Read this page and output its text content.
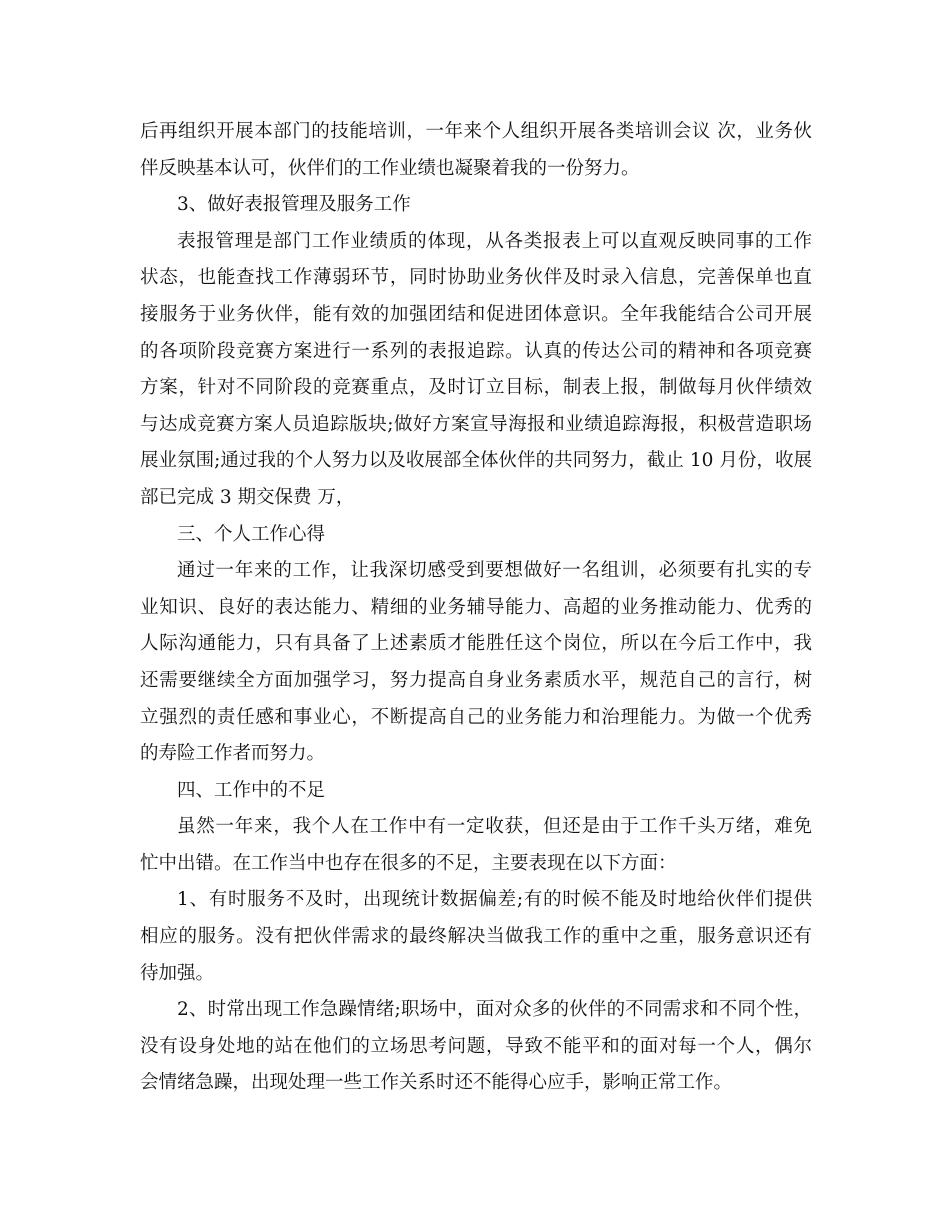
后再组织开展本部门的技能培训，一年来个人组织开展各类培训会议 次，业务伙
伴反映基本认可，伙伴们的工作业绩也凝聚着我的一份努力。

3、做好表报管理及服务工作

表报管理是部门工作业绩质的体现，从各类报表上可以直观反映同事的工作
状态，也能查找工作薄弱环节，同时协助业务伙伴及时录入信息，完善保单也直
接服务于业务伙伴，能有效的加强团结和促进团体意识。全年我能结合公司开展
的各项阶段竞赛方案进行一系列的表报追踪。认真的传达公司的精神和各项竞赛
方案，针对不同阶段的竞赛重点，及时订立目标，制表上报，制做每月伙伴绩效
与达成竞赛方案人员追踪版块;做好方案宣导海报和业绩追踪海报，积极营造职场
展业氛围;通过我的个人努力以及收展部全体伙伴的共同努力，截止 10 月份，收展
部已完成 3 期交保费 万，

三、个人工作心得

通过一年来的工作，让我深切感受到要想做好一名组训，必须要有扎实的专
业知识、良好的表达能力、精细的业务辅导能力、高超的业务推动能力、优秀的
人际沟通能力，只有具备了上述素质才能胜任这个岗位，所以在今后工作中，我
还需要继续全方面加强学习，努力提高自身业务素质水平，规范自己的言行，树
立强烈的责任感和事业心，不断提高自己的业务能力和治理能力。为做一个优秀
的寿险工作者而努力。

四、工作中的不足

虽然一年来，我个人在工作中有一定收获，但还是由于工作千头万绪，难免
忙中出错。在工作当中也存在很多的不足，主要表现在以下方面：

1、有时服务不及时，出现统计数据偏差;有的时候不能及时地给伙伴们提供
相应的服务。没有把伙伴需求的最终解决当做我工作的重中之重，服务意识还有
待加强。

2、时常出现工作急躁情绪;职场中，面对众多的伙伴的不同需求和不同个性，
没有设身处地的站在他们的立场思考问题，导致不能平和的面对每一个人，偶尔
会情绪急躁，出现处理一些工作关系时还不能得心应手，影响正常工作。
